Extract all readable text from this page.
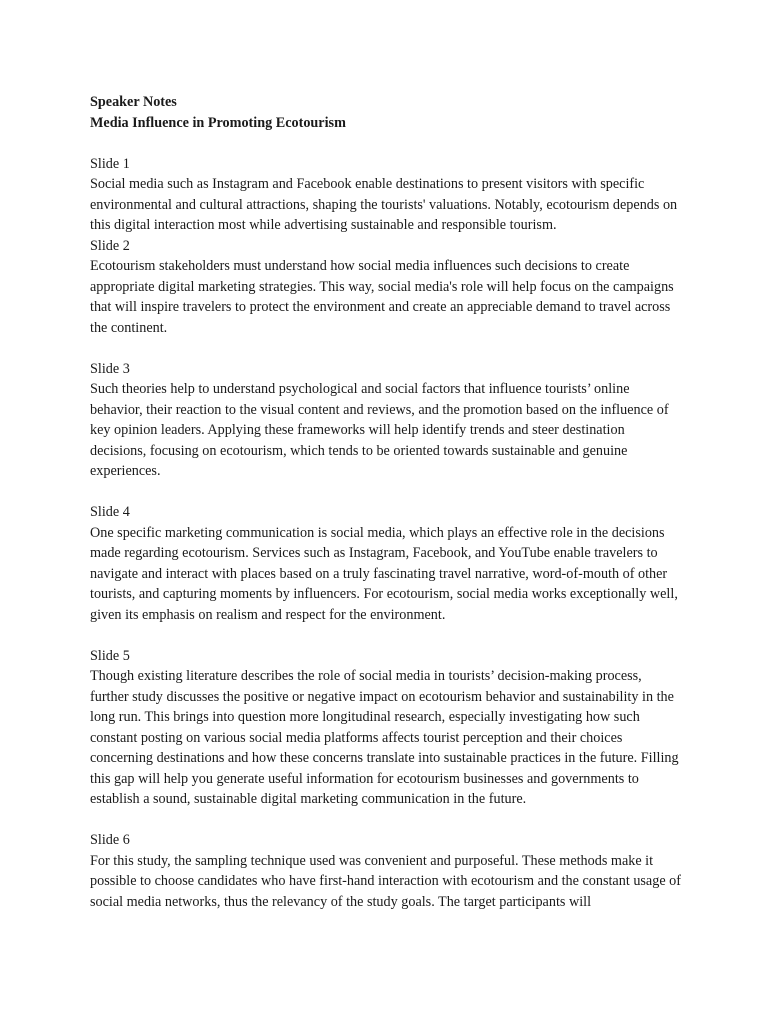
Speaker Notes

Media Influence in Promoting Ecotourism

Slide 1

Social media such as Instagram and Facebook enable destinations to present visitors with specific environmental and cultural attractions, shaping the tourists' valuations. Notably, ecotourism depends on this digital interaction most while advertising sustainable and responsible tourism.

Slide 2

Ecotourism stakeholders must understand how social media influences such decisions to create appropriate digital marketing strategies. This way, social media's role will help focus on the campaigns that will inspire travelers to protect the environment and create an appreciable demand to travel across the continent.

Slide 3

Such theories help to understand psychological and social factors that influence tourists’ online behavior, their reaction to the visual content and reviews, and the promotion based on the influence of key opinion leaders. Applying these frameworks will help identify trends and steer destination decisions, focusing on ecotourism, which tends to be oriented towards sustainable and genuine experiences.

Slide 4

One specific marketing communication is social media, which plays an effective role in the decisions made regarding ecotourism. Services such as Instagram, Facebook, and YouTube enable travelers to navigate and interact with places based on a truly fascinating travel narrative, word-of-mouth of other tourists, and capturing moments by influencers. For ecotourism, social media works exceptionally well, given its emphasis on realism and respect for the environment.

Slide 5

Though existing literature describes the role of social media in tourists’ decision-making process, further study discusses the positive or negative impact on ecotourism behavior and sustainability in the long run. This brings into question more longitudinal research, especially investigating how such constant posting on various social media platforms affects tourist perception and their choices concerning destinations and how these concerns translate into sustainable practices in the future. Filling this gap will help you generate useful information for ecotourism businesses and governments to establish a sound, sustainable digital marketing communication in the future.

Slide 6

For this study, the sampling technique used was convenient and purposeful. These methods make it possible to choose candidates who have first-hand interaction with ecotourism and the constant usage of social media networks, thus the relevancy of the study goals. The target participants will
